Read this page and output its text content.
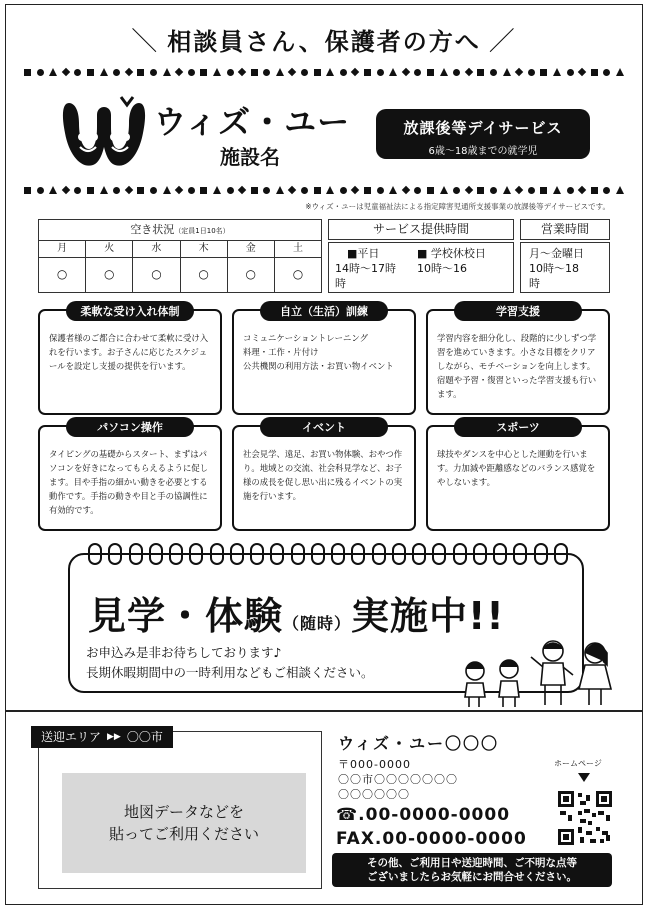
＼ 相談員さん、保護者の方へ ／
ウィズ・ユー
施設名
放課後等デイサービス
6歳～18歳までの就学児
※ウィズ・ユーは児童福祉法による指定障害児通所支援事業の放課後等デイサービスです。
空き状況（定員1日10名）
月	火	水	木	金	土
○	○	○	○	○	○
サービス提供時間
■平日	■ 学校休校日
14時～17時	10時～16
時
営業時間
月～金曜日
10時～18
時
柔軟な受け入れ体制
保護者様のご都合に合わせて柔軟に受け入れを行います。お子さんに応じたスケジュールを設定し支援の提供を行います。
自立（生活）訓練
コミュニケーショントレーニング
料理・工作・片付け
公共機関の利用方法・お買い物イベント
学習支援
学習内容を細分化し、段階的に少しずつ学習を進めていきます。小さな目標をクリアしながら、モチベーションを向上します。宿題や予習・復習といった学習支援も行います。
パソコン操作
タイピングの基礎からスタート、まずはパソコンを好きになってもらえるように促します。目や手指の細かい動きを必要とする動作です。手指の動きや目と手の協調性に有効的です。
イベント
社会見学、遠足、お買い物体験、おやつ作り。地域との交流、社会科見学など、お子様の成長を促し思い出に残るイベントの実施を行います。
スポーツ
球技やダンスを中心とした運動を行います。力加減や距離感などのバランス感覚をやしないます。
見学・体験（随時）実施中!!
お申込み是非お待ちしております♪
長期休暇期間中の一時利用などもご相談ください。
送迎エリア ▶▶ 〇〇市
地図データなどを
貼ってご利用ください
ウィズ・ユー〇〇〇
〒000-0000
〇〇市〇〇〇〇〇〇〇
〇〇〇〇〇〇
☎.00-0000-0000
FAX.00-0000-0000
ホームページ
その他、ご利用日や送迎時間、ご不明な点等
ございましたらお気軽にお問合せください。
